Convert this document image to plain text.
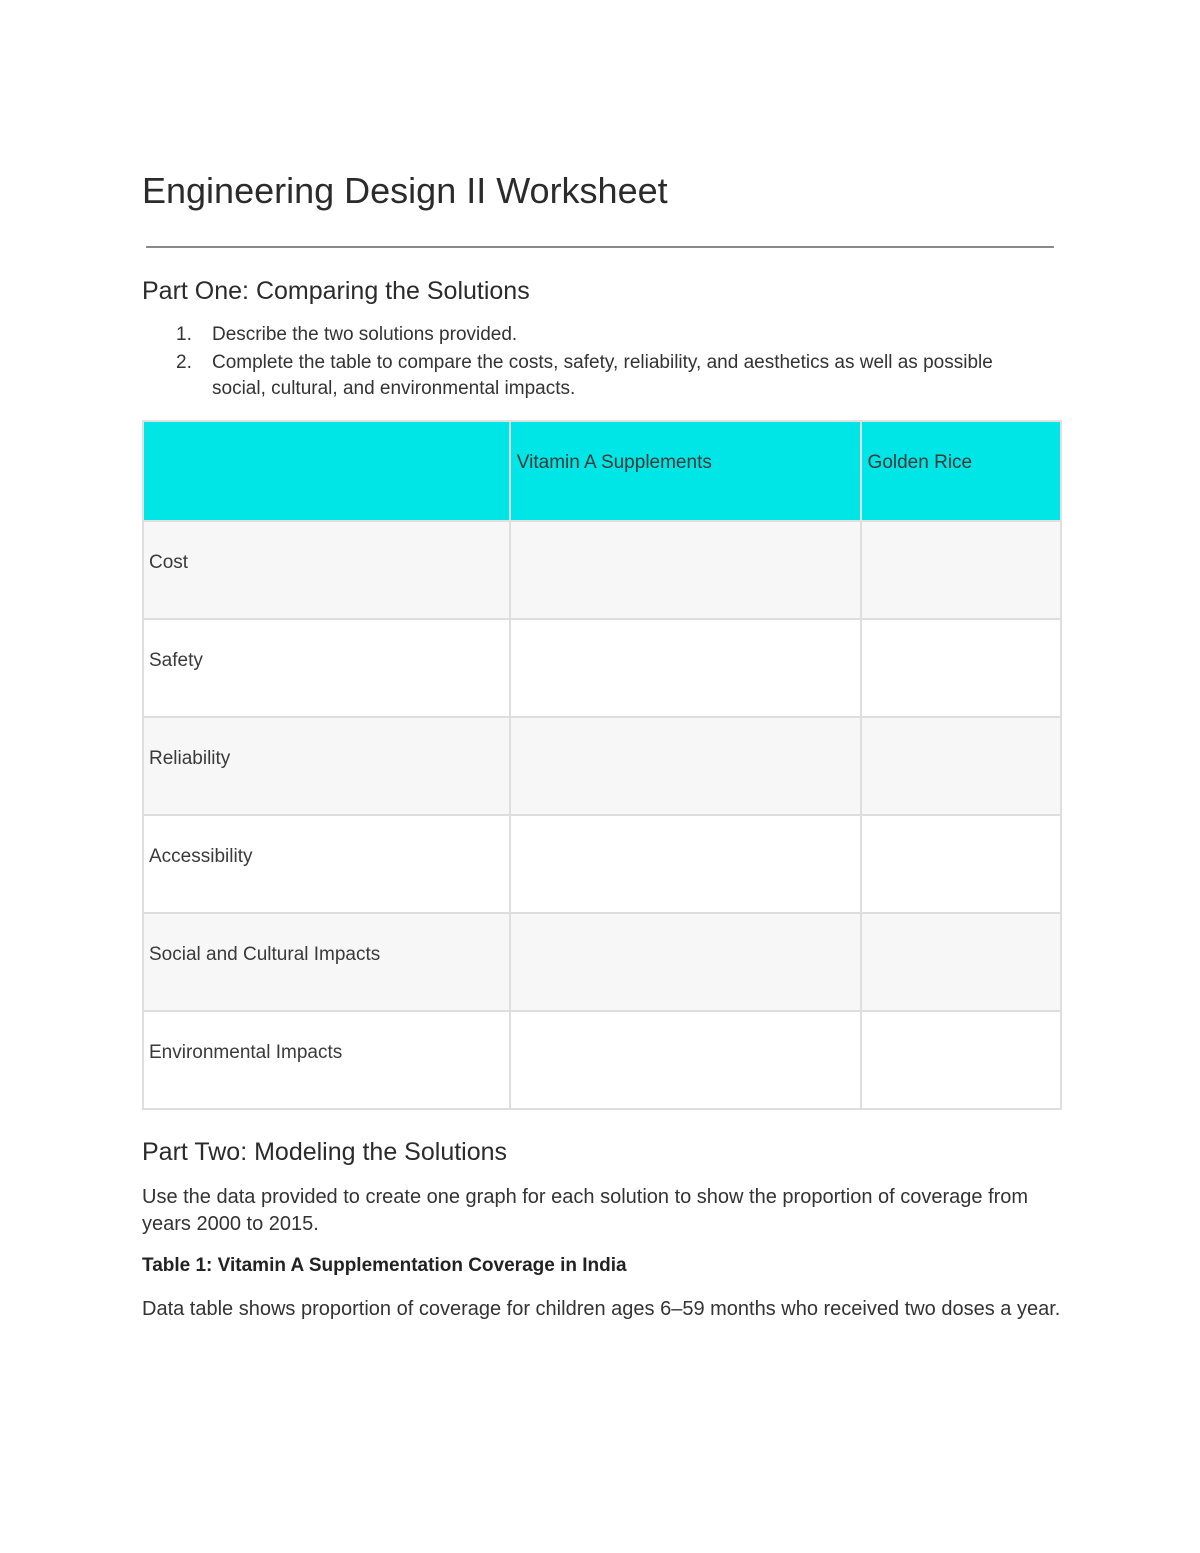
Engineering Design II Worksheet
Part One: Comparing the Solutions
1. Describe the two solutions provided.
2. Complete the table to compare the costs, safety, reliability, and aesthetics as well as possible social, cultural, and environmental impacts.

	Vitamin A Supplements	Golden Rice

Cost		

Safety		

Reliability		

Accessibility		

Social and Cultural Impacts		

Environmental Impacts		

Part Two: Modeling the Solutions

Use the data provided to create one graph for each solution to show the proportion of coverage from years 2000 to 2015.

Table 1: Vitamin A Supplementation Coverage in India

Data table shows proportion of coverage for children ages 6–59 months who received two doses a year.
